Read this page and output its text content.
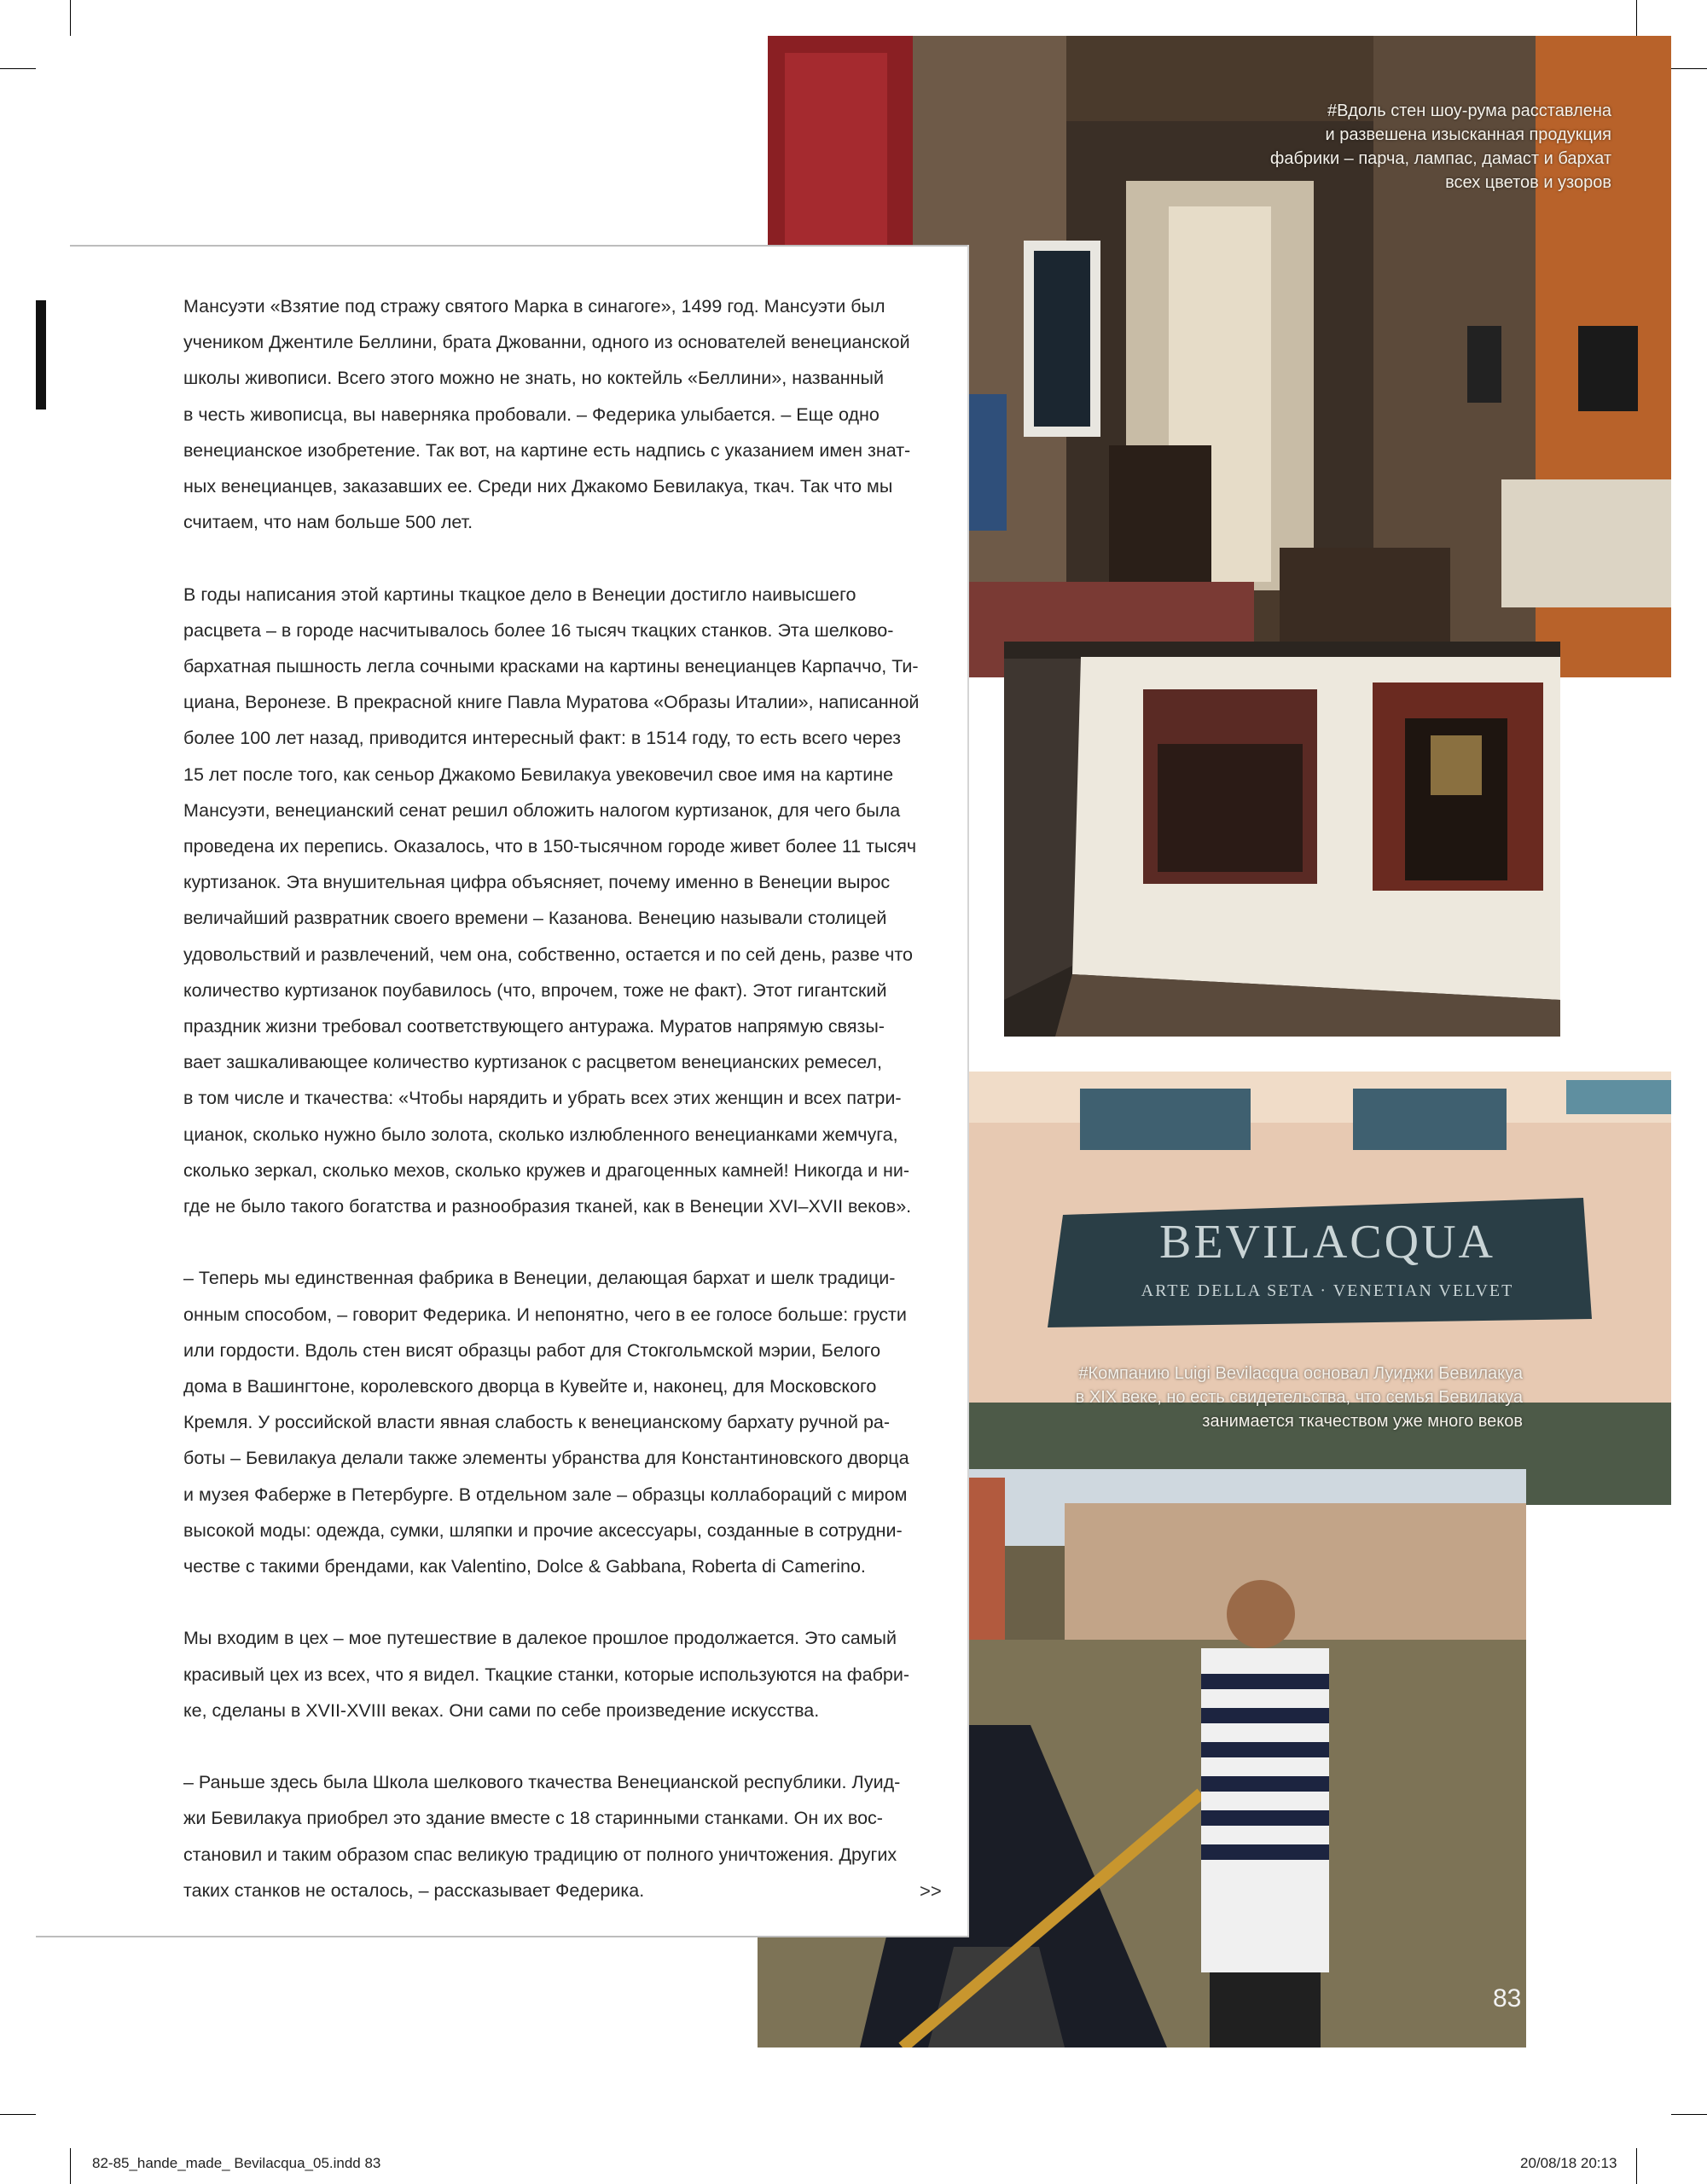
#Вдоль стен шоу-рума расставлена
и развешена изысканная продукция
фабрики – парча, лампас, дамаст и бархат
всех цветов и узоров
BEVILACQUA
ARTE DELLA SETA · VENETIAN VELVET
#Компанию Luigi Bevilacqua основал Луиджи Бевилакуа
в XIX веке, но есть свидетельства, что семья Бевилакуа
занимается ткачеством уже много веков
83
Мансуэти «Взятие под стражу святого Марка в синагоге», 1499 год. Мансуэти был
учеником Джентиле Беллини, брата Джованни, одного из основателей венецианской
школы живописи. Всего этого можно не знать, но коктейль «Беллини», названный
в честь живописца, вы наверняка пробовали. – Федерика улыбается. – Еще одно
венецианское изобретение. Так вот, на картине есть надпись с указанием имен знат-
ных венецианцев, заказавших ее. Среди них Джакомо Бевилакуа, ткач. Так что мы
считаем, что нам больше 500 лет.
В годы написания этой картины ткацкое дело в Венеции достигло наивысшего
расцвета – в городе насчитывалось более 16 тысяч ткацких станков. Эта шелково-
бархатная пышность легла сочными красками на картины венецианцев Карпаччо, Ти-
циана, Веронезе. В прекрасной книге Павла Муратова «Образы Италии», написанной
более 100 лет назад, приводится интересный факт: в 1514 году, то есть всего через
15 лет после того, как сеньор Джакомо Бевилакуа увековечил свое имя на картине
Мансуэти, венецианский сенат решил обложить налогом куртизанок, для чего была
проведена их перепись. Оказалось, что в 150-тысячном городе живет более 11 тысяч
куртизанок. Эта внушительная цифра объясняет, почему именно в Венеции вырос
величайший развратник своего времени – Казанова. Венецию называли столицей
удовольствий и развлечений, чем она, собственно, остается и по сей день, разве что
количество куртизанок поубавилось (что, впрочем, тоже не факт). Этот гигантский
праздник жизни требовал соответствующего антуража. Муратов напрямую связы-
вает зашкаливающее количество куртизанок с расцветом венецианских ремесел,
в том числе и ткачества: «Чтобы нарядить и убрать всех этих женщин и всех патри-
цианок, сколько нужно было золота, сколько излюбленного венецианками жемчуга,
сколько зеркал, сколько мехов, сколько кружев и драгоценных камней! Никогда и ни-
где не было такого богатства и разнообразия тканей, как в Венеции XVI–XVII веков».
– Теперь мы единственная фабрика в Венеции, делающая бархат и шелк традици-
онным способом, – говорит Федерика. И непонятно, чего в ее голосе больше: грусти
или гордости. Вдоль стен висят образцы работ для Стокгольмской мэрии, Белого
дома в Вашингтоне, королевского дворца в Кувейте и, наконец, для Московского
Кремля. У российской власти явная слабость к венецианскому бархату ручной ра-
боты – Бевилакуа делали также элементы убранства для Константиновского дворца
и музея Фаберже в Петербурге. В отдельном зале – образцы коллабораций с миром
высокой моды: одежда, сумки, шляпки и прочие аксессуары, созданные в сотрудни-
честве с такими брендами, как Valentino, Dolce & Gabbana, Roberta di Camerino.
Мы входим в цех – мое путешествие в далекое прошлое продолжается. Это самый
красивый цех из всех, что я видел. Ткацкие станки, которые используются на фабри-
ке, сделаны в XVII-XVIII веках. Они сами по себе произведение искусства.
– Раньше здесь была Школа шелкового ткачества Венецианской республики. Луид-
жи Бевилакуа приобрел это здание вместе с 18 старинными станками. Он их вос-
становил и таким образом спас великую традицию от полного уничтожения. Других
таких станков не осталось, – рассказывает Федерика.	>>
82-85_hande_made_ Bevilacqua_05.indd 83	20/08/18 20:13
